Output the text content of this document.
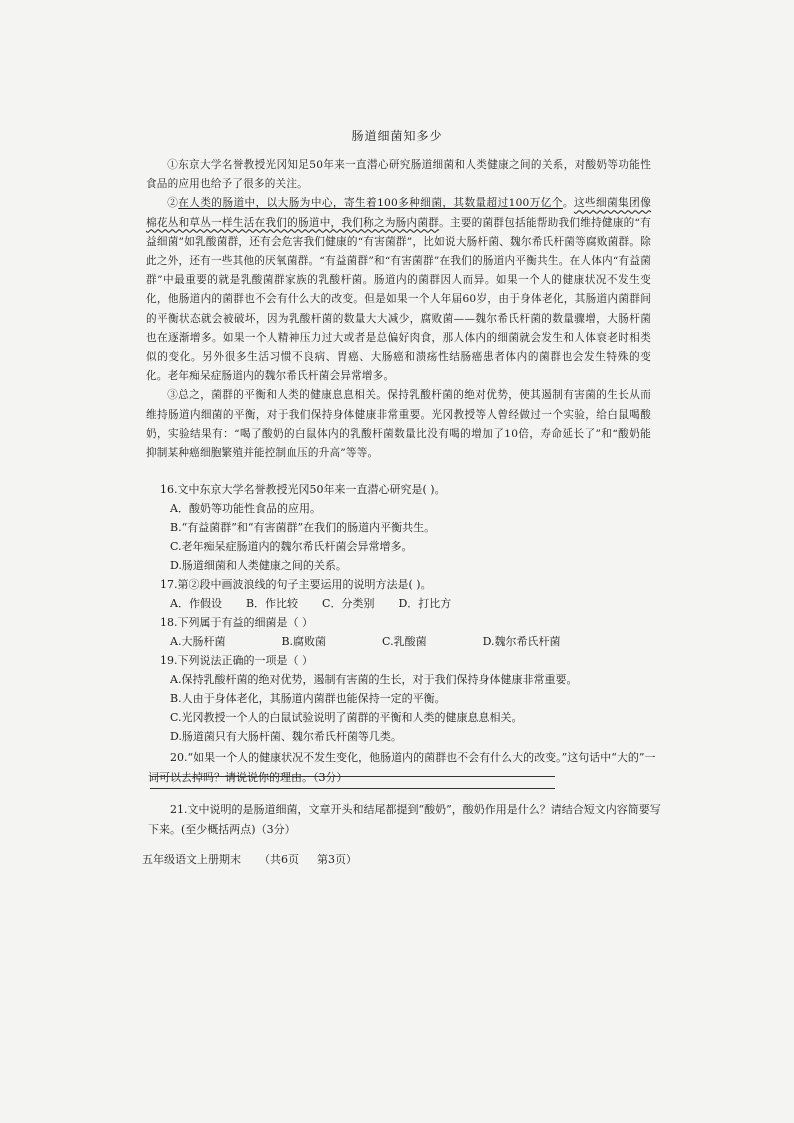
肠道细菌知多少

①东京大学名誉教授光冈知足50年来一直潜心研究肠道细菌和人类健康之间的关系，对酸奶等功能性食品的应用也给予了很多的关注。

②在人类的肠道中，以大肠为中心，寄生着100多种细菌，其数量超过100万亿个。这些细菌集团像棉花丛和草丛一样生活在我们的肠道中，我们称之为肠内菌群。主要的菌群包括能帮助我们维持健康的“有益细菌”如乳酸菌群，还有会危害我们健康的“有害菌群”，比如说大肠杆菌、魏尔希氏杆菌等腐败菌群。除此之外，还有一些其他的厌氧菌群。“有益菌群”和“有害菌群”在我们的肠道内平衡共生。在人体内“有益菌群”中最重要的就是乳酸菌群家族的乳酸杆菌。肠道内的菌群因人而异。如果一个人的健康状况不发生变化，他肠道内的菌群也不会有什么大的改变。但是如果一个人年届60岁，由于身体老化，其肠道内菌群间的平衡状态就会被破坏，因为乳酸杆菌的数量大大减少，腐败菌——魏尔希氏杆菌的数量骤增，大肠杆菌也在逐渐增多。如果一个人精神压力过大或者是总偏好肉食，那人体内的细菌就会发生和人体衰老时相类似的变化。另外很多生活习惯不良病、胃癌、大肠癌和溃疡性结肠癌患者体内的菌群也会发生特殊的变化。老年痴呆症肠道内的魏尔希氏杆菌会异常增多。

③总之，菌群的平衡和人类的健康息息相关。保持乳酸杆菌的绝对优势，使其遏制有害菌的生长从而维持肠道内细菌的平衡，对于我们保持身体健康非常重要。光冈教授等人曾经做过一个实验，给白鼠喝酸奶，实验结果有：“喝了酸奶的白鼠体内的乳酸杆菌数量比没有喝的增加了10倍，寿命延长了”和“酸奶能抑制某种癌细胞繁殖并能控制血压的升高”等等。

16.文中东京大学名誉教授光冈50年来一直潜心研究是( )。

A．酸奶等功能性食品的应用。

B.“有益菌群”和“有害菌群”在我们的肠道内平衡共生。

C.老年痴呆症肠道内的魏尔希氏杆菌会异常增多。

D.肠道细菌和人类健康之间的关系。

17.第②段中画波浪线的句子主要运用的说明方法是( )。

A．作假设 B．作比较 C．分类别 D．打比方

18.下列属于有益的细菌是（ ）

A.大肠杆菌	B.腐败菌	C.乳酸菌	D.魏尔希氏杆菌

19.下列说法正确的一项是（ ）

A.保持乳酸杆菌的绝对优势，遏制有害菌的生长，对于我们保持身体健康非常重要。

B.人由于身体老化，其肠道内菌群也能保持一定的平衡。

C.光冈教授一个人的白鼠试验说明了菌群的平衡和人类的健康息息相关。

D.肠道菌只有大肠杆菌、魏尔希氏杆菌等几类。

20.“如果一个人的健康状况不发生变化，他肠道内的菌群也不会有什么大的改变。”这句话中“大的”一词可以去掉吗？请说说你的理由。（3分）

21.文中说明的是肠道细菌，文章开头和结尾都提到“酸奶”，酸奶作用是什么？请结合短文内容简要写下来。(至少概括两点)（3分）

五年级语文上册期末 （共6页 第3页）
